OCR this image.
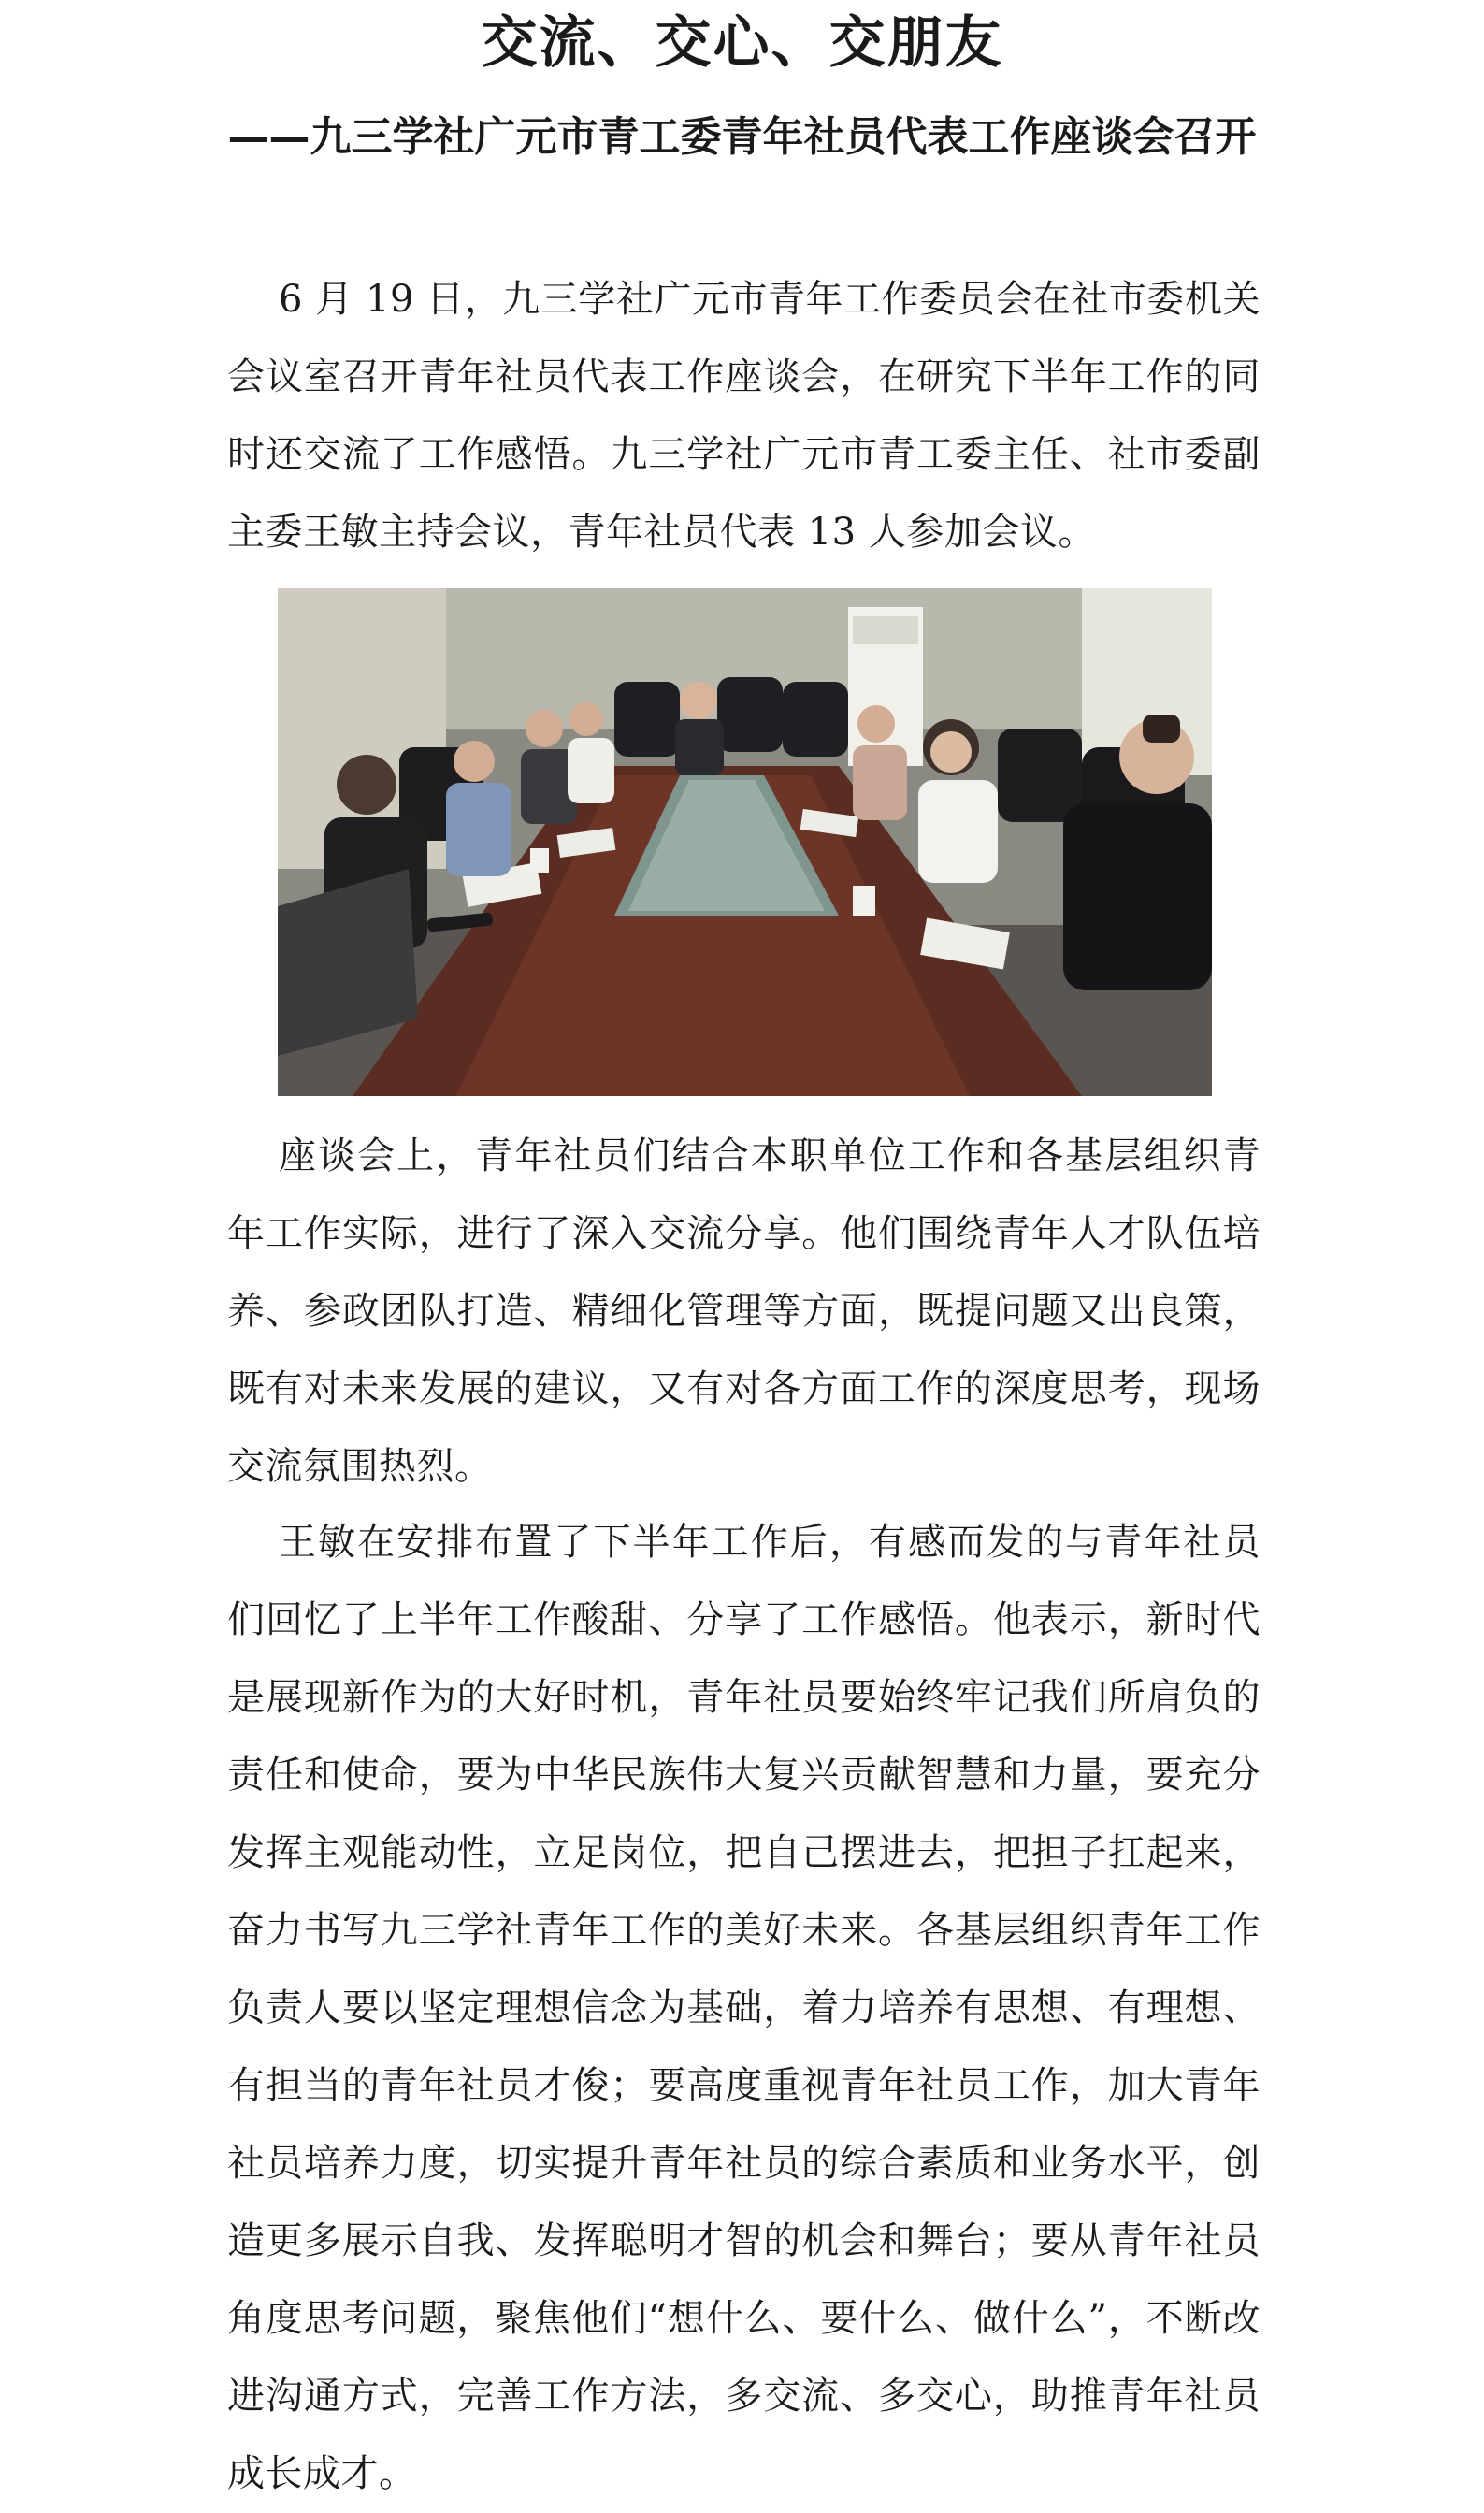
交流、交心、交朋友
——九三学社广元市青工委青年社员代表工作座谈会召开

6 月 19 日，九三学社广元市青年工作委员会在社市委机关会议室召开青年社员代表工作座谈会，在研究下半年工作的同时还交流了工作感悟。九三学社广元市青工委主任、社市委副主委王敏主持会议，青年社员代表 13 人参加会议。

座谈会上，青年社员们结合本职单位工作和各基层组织青年工作实际，进行了深入交流分享。他们围绕青年人才队伍培养、参政团队打造、精细化管理等方面，既提问题又出良策，既有对未来发展的建议，又有对各方面工作的深度思考，现场交流氛围热烈。

王敏在安排布置了下半年工作后，有感而发的与青年社员们回忆了上半年工作酸甜、分享了工作感悟。他表示，新时代是展现新作为的大好时机，青年社员要始终牢记我们所肩负的责任和使命，要为中华民族伟大复兴贡献智慧和力量，要充分发挥主观能动性，立足岗位，把自己摆进去，把担子扛起来，奋力书写九三学社青年工作的美好未来。各基层组织青年工作负责人要以坚定理想信念为基础，着力培养有思想、有理想、有担当的青年社员才俊；要高度重视青年社员工作，加大青年社员培养力度，切实提升青年社员的综合素质和业务水平，创造更多展示自我、发挥聪明才智的机会和舞台；要从青年社员角度思考问题，聚焦他们“想什么、要什么、做什么”，不断改进沟通方式，完善工作方法，多交流、多交心，助推青年社员成长成才。
